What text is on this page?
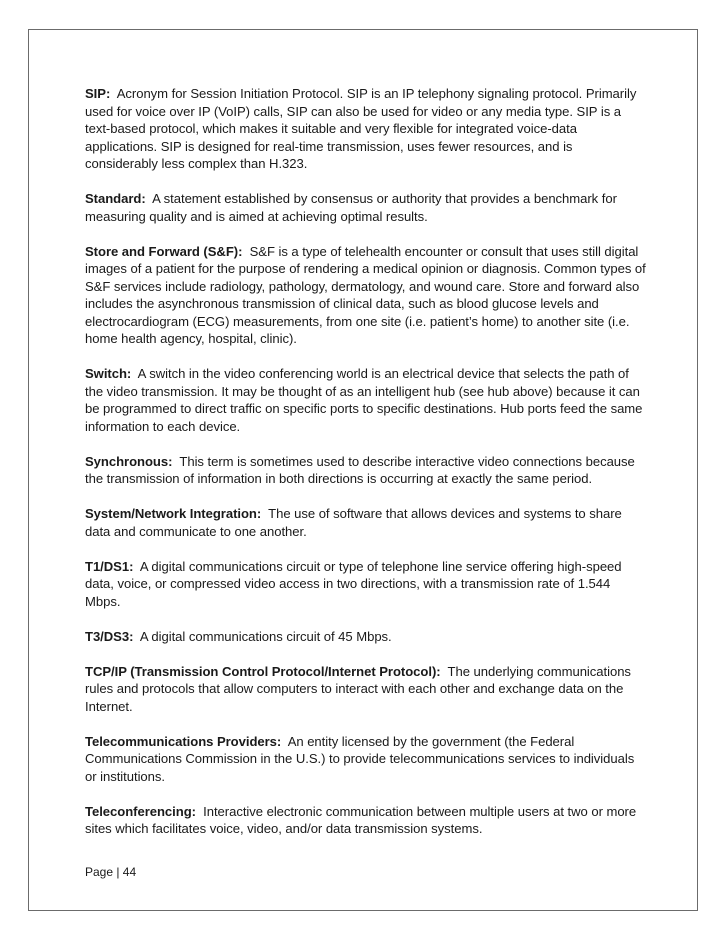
SIP: Acronym for Session Initiation Protocol. SIP is an IP telephony signaling protocol. Primarily used for voice over IP (VoIP) calls, SIP can also be used for video or any media type. SIP is a text-based protocol, which makes it suitable and very flexible for integrated voice-data applications. SIP is designed for real-time transmission, uses fewer resources, and is considerably less complex than H.323.

Standard: A statement established by consensus or authority that provides a benchmark for measuring quality and is aimed at achieving optimal results.

Store and Forward (S&F): S&F is a type of telehealth encounter or consult that uses still digital images of a patient for the purpose of rendering a medical opinion or diagnosis. Common types of S&F services include radiology, pathology, dermatology, and wound care. Store and forward also includes the asynchronous transmission of clinical data, such as blood glucose levels and electrocardiogram (ECG) measurements, from one site (i.e. patient’s home) to another site (i.e. home health agency, hospital, clinic).

Switch: A switch in the video conferencing world is an electrical device that selects the path of the video transmission. It may be thought of as an intelligent hub (see hub above) because it can be programmed to direct traffic on specific ports to specific destinations. Hub ports feed the same information to each device.

Synchronous: This term is sometimes used to describe interactive video connections because the transmission of information in both directions is occurring at exactly the same period.

System/Network Integration: The use of software that allows devices and systems to share data and communicate to one another.

T1/DS1: A digital communications circuit or type of telephone line service offering high-speed data, voice, or compressed video access in two directions, with a transmission rate of 1.544 Mbps.

T3/DS3: A digital communications circuit of 45 Mbps.

TCP/IP (Transmission Control Protocol/Internet Protocol): The underlying communications rules and protocols that allow computers to interact with each other and exchange data on the Internet.

Telecommunications Providers: An entity licensed by the government (the Federal Communications Commission in the U.S.) to provide telecommunications services to individuals or institutions.

Teleconferencing: Interactive electronic communication between multiple users at two or more sites which facilitates voice, video, and/or data transmission systems.

Page | 44
